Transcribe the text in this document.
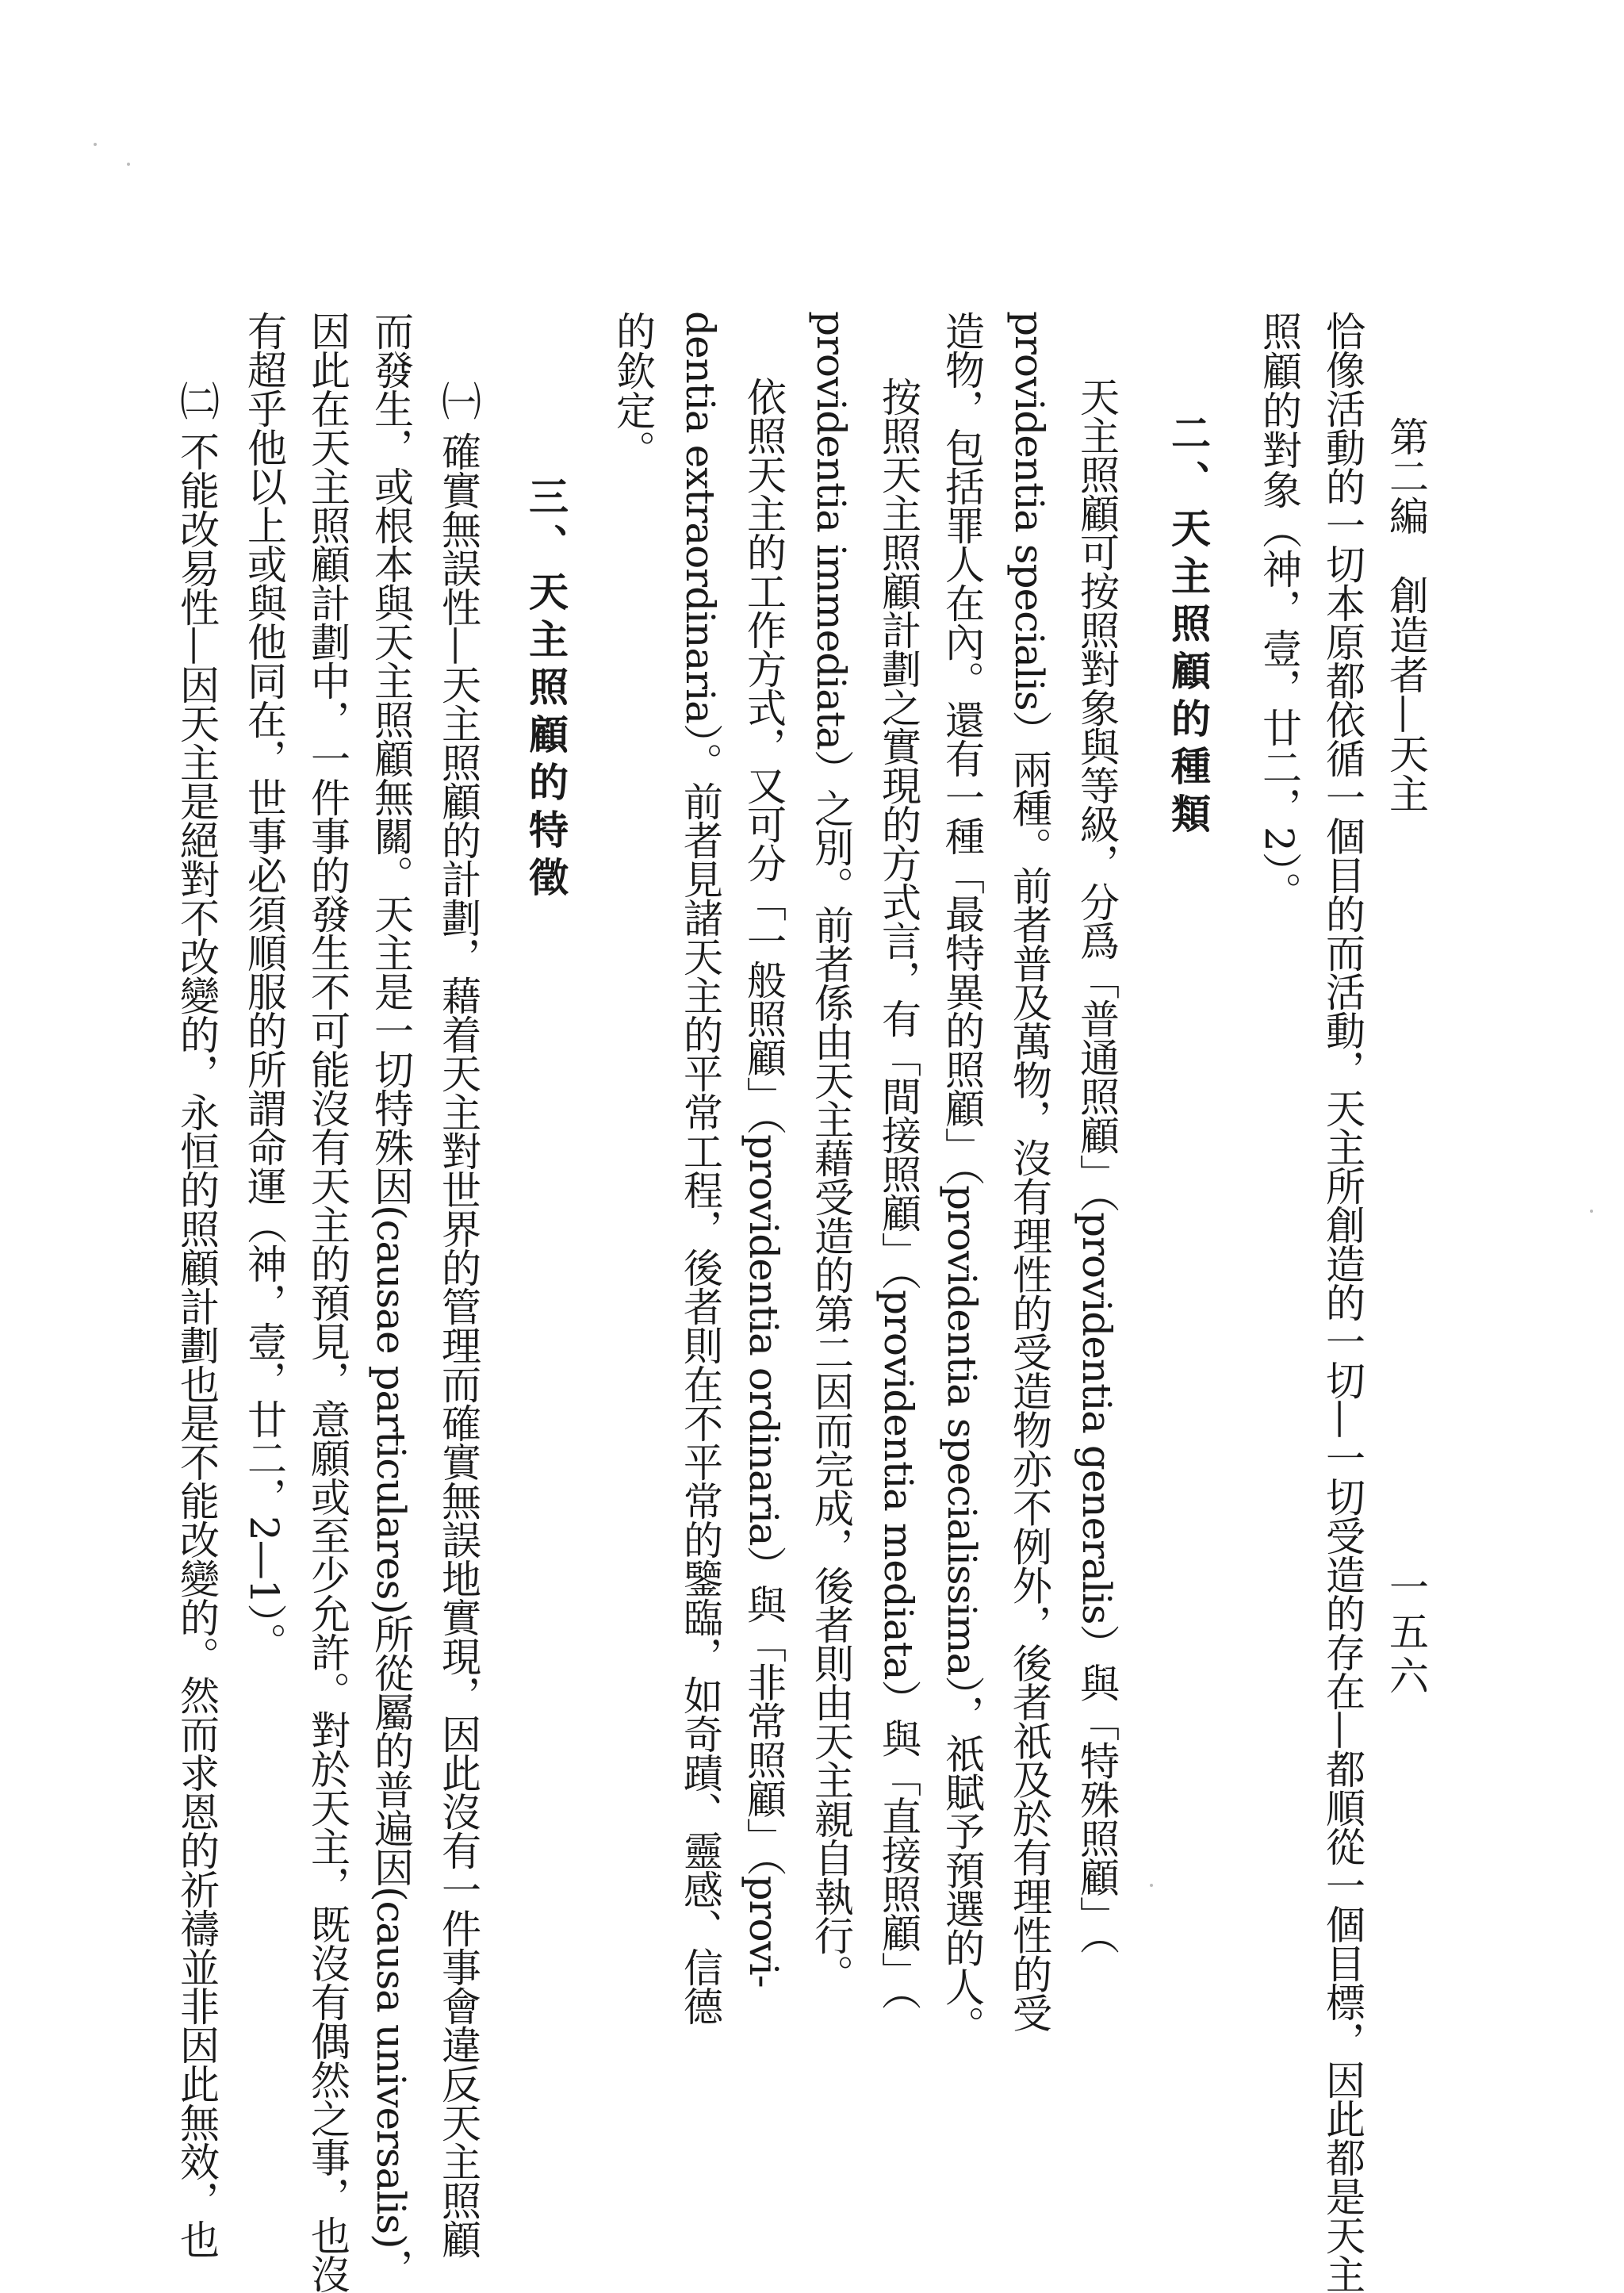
第二編　創造者—天主
一五六
恰像活動的一切本原都依循一個目的而活動，天主所創造的一切—一切受造的存在—都順從一個目標，因此都是天主
照顧的對象（神，壹，廿二，2）。
二、天主照顧的種類
天主照顧可按照對象與等級，分爲「普通照顧」（providentia generalis）與「特殊照顧」（
providentia specialis）兩種。前者普及萬物，沒有理性的受造物亦不例外，後者祇及於有理性的受
造物，包括罪人在內。還有一種「最特異的照顧」（providentia specialissima），祇賦予預選的人。
按照天主照顧計劃之實現的方式言，有「間接照顧」（providentia mediata）與「直接照顧」（
providentia immediata）之別。前者係由天主藉受造的第二因而完成，後者則由天主親自執行。
依照天主的工作方式，又可分「一般照顧」（providentia ordinaria）與「非常照顧」（provi-
dentia extraordinaria）。前者見諸天主的平常工程，後者則在不平常的鑒臨，如奇蹟、靈感、信德
的欽定。
三、天主照顧的特徵
㈠ 確實無誤性—天主照顧的計劃，藉着天主對世界的管理而確實無誤地實現，因此沒有一件事會違反天主照顧
而發生，或根本與天主照顧無關。天主是一切特殊因(causae particulares)所從屬的普遍因(causa universalis)，
因此在天主照顧計劃中，一件事的發生不可能沒有天主的預見，意願或至少允許。對於天主，既沒有偶然之事，也沒
有超乎他以上或與他同在，世事必須順服的所謂命運（神，壹，廿二，2—1）。
㈡ 不能改易性—因天主是絕對不改變的，永恒的照顧計劃也是不能改變的。然而求恩的祈禱並非因此無效，也
